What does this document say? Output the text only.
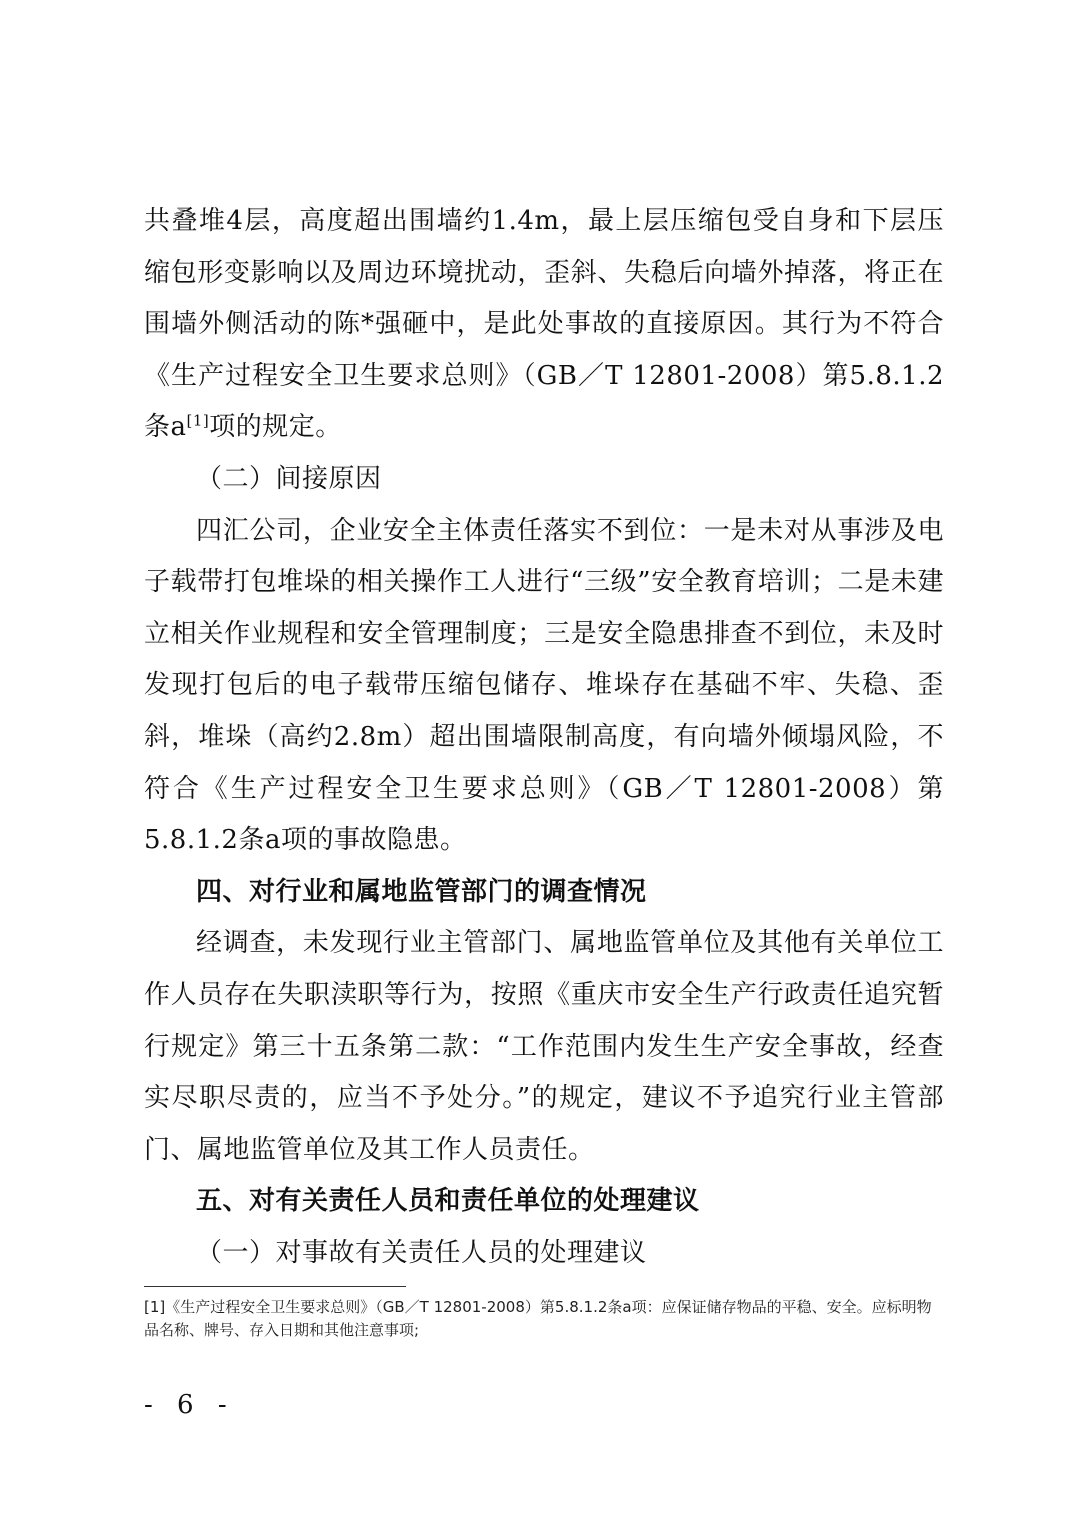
共叠堆4层，高度超出围墙约1.4m，最上层压缩包受自身和下层压缩包形变影响以及周边环境扰动，歪斜、失稳后向墙外掉落，将正在围墙外侧活动的陈*强砸中，是此处事故的直接原因。其行为不符合《生产过程安全卫生要求总则》（GB／T 12801-2008）第5.8.1.2条a[1]项的规定。

（二）间接原因

四汇公司，企业安全主体责任落实不到位：一是未对从事涉及电子载带打包堆垛的相关操作工人进行“三级”安全教育培训；二是未建立相关作业规程和安全管理制度；三是安全隐患排查不到位，未及时发现打包后的电子载带压缩包储存、堆垛存在基础不牢、失稳、歪斜，堆垛（高约2.8m）超出围墙限制高度，有向墙外倾塌风险，不符合《生产过程安全卫生要求总则》（GB／T 12801-2008）第5.8.1.2条a项的事故隐患。

四、对行业和属地监管部门的调查情况

经调查，未发现行业主管部门、属地监管单位及其他有关单位工作人员存在失职渎职等行为，按照《重庆市安全生产行政责任追究暂行规定》第三十五条第二款：“工作范围内发生生产安全事故，经查实尽职尽责的，应当不予处分。”的规定，建议不予追究行业主管部门、属地监管单位及其工作人员责任。

五、对有关责任人员和责任单位的处理建议

（一）对事故有关责任人员的处理建议

[1]《生产过程安全卫生要求总则》（GB／T 12801-2008）第5.8.1.2条a项：应保证储存物品的平稳、安全。应标明物品名称、牌号、存入日期和其他注意事项;
- 6 -
